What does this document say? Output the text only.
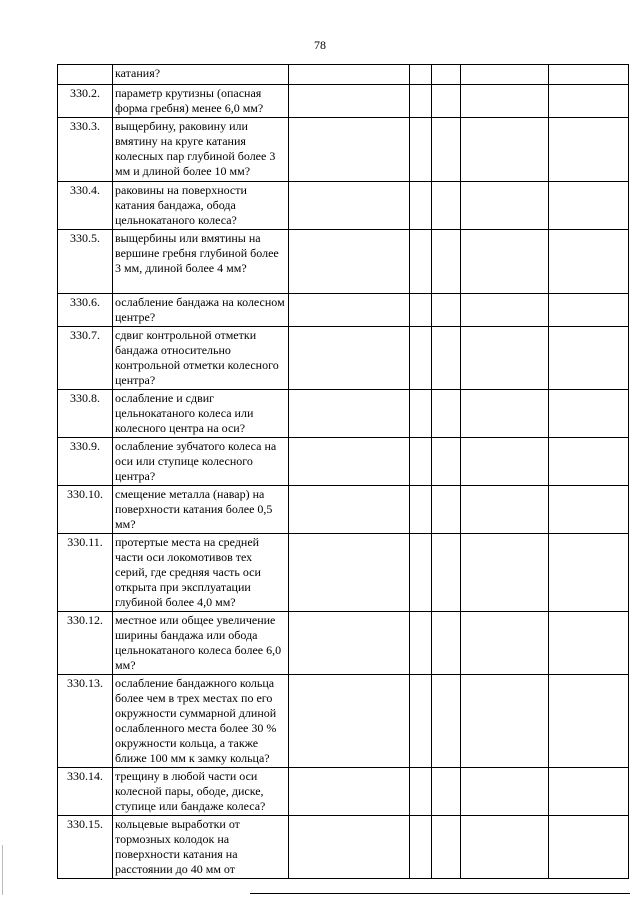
78
	катания?					
330.2.	параметр крутизны (опасная форма гребня) менее 6,0 мм?					
330.3.	выщербину, раковину или вмятину на круге катания колесных пар глубиной более 3 мм и длиной более 10 мм?					
330.4.	раковины на поверхности катания бандажа, обода цельнокатаного колеса?					
330.5.	выщербины или вмятины на вершине гребня глубиной более 3 мм, длиной более 4 мм?					
330.6.	ослабление бандажа на колесном центре?					
330.7.	сдвиг контрольной отметки бандажа относительно контрольной отметки колесного центра?					
330.8.	ослабление и сдвиг цельнокатаного колеса или колесного центра на оси?					
330.9.	ослабление зубчатого колеса на оси или ступице колесного центра?					
330.10.	смещение металла (навар) на поверхности катания более 0,5 мм?					
330.11.	протертые места на средней части оси локомотивов тех серий, где средняя часть оси открыта при эксплуатации глубиной более 4,0 мм?					
330.12.	местное или общее увеличение ширины бандажа или обода цельнокатаного колеса более 6,0 мм?					
330.13.	ослабление бандажного кольца более чем в трех местах по его окружности суммарной длиной ослабленного места более 30 % окружности кольца, а также ближе 100 мм к замку кольца?					
330.14.	трещину в любой части оси колесной пары, ободе, диске, ступице или бандаже колеса?					
330.15.	кольцевые выработки от тормозных колодок на поверхности катания на расстоянии до 40 мм от					
